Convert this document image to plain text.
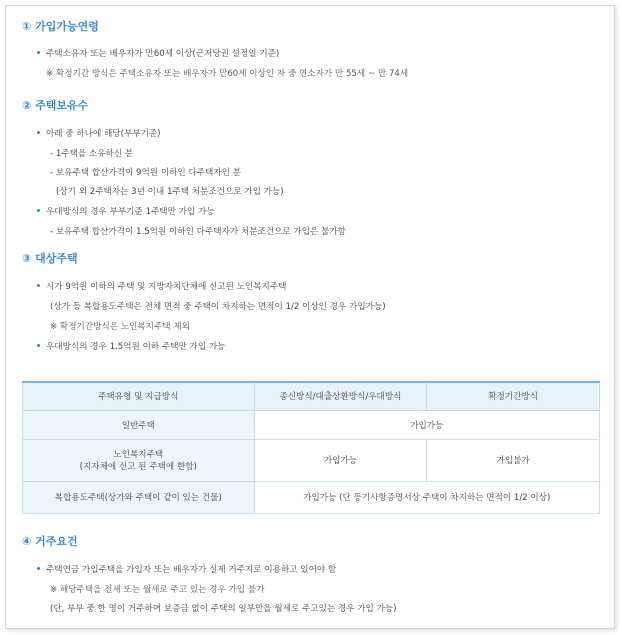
① 가입가능연령
주택소유자 또는 배우자가 만60세 이상(근저당권 설정일 기준)
※ 확정기간 방식은 주택소유자 또는 배우자가 만60세 이상인 자 중 연소자가 만 55세 ~ 만 74세
② 주택보유수
아래 중 하나에 해당(부부기준)
- 1주택을 소유하신 분
- 보유주택 합산가격이 9억원 이하인 다주택자인 분
(상기 외 2주택자는 3년 이내 1주택 처분조건으로 가입 가능)
우대방식의 경우 부부기준 1주택만 가입 가능
- 보유주택 합산가격이 1.5억원 이하인 다주택자가 처분조건으로 가입은 불가함
③ 대상주택
시가 9억원 이하의 주택 및 지방자치단체에 신고된 노인복지주택
(상가 등 복합용도주택은 전체 면적 중 주택이 차지하는 면적이 1/2 이상인 경우 가입가능)
※ 확정기간방식은 노인복지주택 제외
우대방식의 경우 1.5억원 이하 주택만 가입 가능
주택유형 및 지급방식	종신방식/대출상환방식/우대방식	확정기간방식
일반주택	가입가능	

노인복지주택
(지자체에 신고 된 주택에 한함)	가입가능	가입불가
복합용도주택(상가와 주택이 같이 있는 건물)	가입가능 (단 등기사항증명서상 주택이 차지하는 면적이 1/2 이상)	
④ 거주요건
주택연금 가입주택을 가입자 또는 배우자가 실제 거주지로 이용하고 있어야 함
※ 해당주택을 전세 또는 월세로 주고 있는 경우 가입 불가
(단, 부부 중 한 명이 거주하며 보증금 없이 주택의 일부만을 월세로 주고있는 경우 가입 가능)
